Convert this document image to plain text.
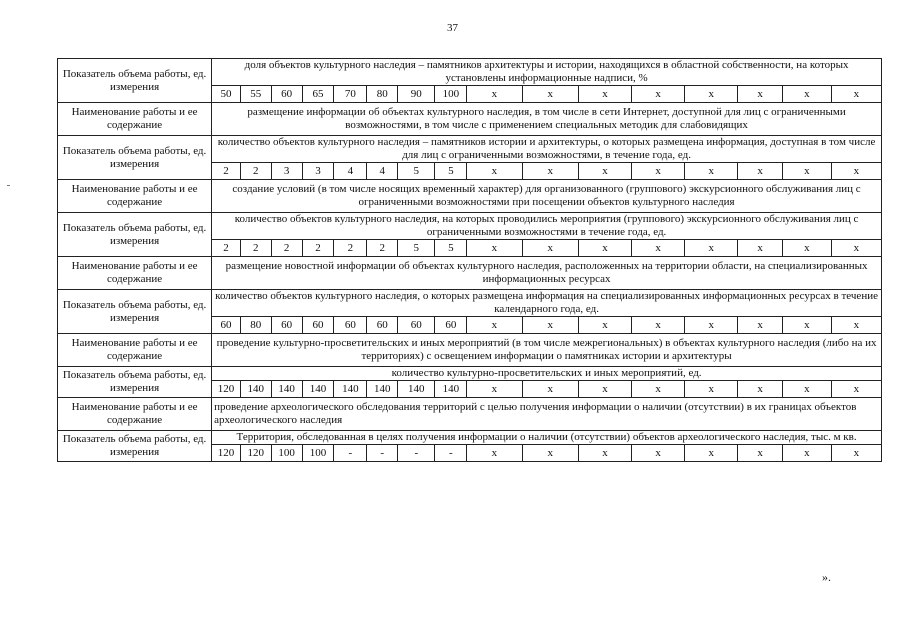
37
Показатель объема работы, ед. измерения	доля объектов культурного наследия – памятников архитектуры и истории, находящихся в областной собственности, на которых установлены информационные надписи, %															
	50	55	60	65	70	80	90	100	x	x	x	x	x	x	x	x
Наименование работы и ее содержание	размещение информации об объектах культурного наследия, в том числе в сети Интернет, доступной для лиц с ограниченными возможностями, в том числе с применением специальных методик для слабовидящих															
Показатель объема работы, ед. измерения	количество объектов культурного наследия – памятников истории и архитектуры, о которых размещена информация, доступная в том числе для лиц с ограниченными возможностями, в течение года, ед.															
	2	2	3	3	4	4	5	5	x	x	x	x	x	x	x	x
Наименование работы и ее содержание	создание условий (в том числе носящих временный характер) для организованного (группового) экскурсионного обслуживания лиц с ограниченными возможностями при посещении объектов культурного наследия															
Показатель объема работы, ед. измерения	количество объектов культурного наследия, на которых проводились мероприятия (группового) экскурсионного обслуживания лиц с ограниченными возможностями в течение года, ед.															
	2	2	2	2	2	2	5	5	x	x	x	x	x	x	x	x
Наименование работы и ее содержание	размещение новостной информации об объектах культурного наследия, расположенных на территории области, на специализированных информационных ресурсах															
Показатель объема работы, ед. измерения	количество объектов культурного наследия, о которых размещена информация на специализированных информационных ресурсах в течение календарного года, ед.															
	60	80	60	60	60	60	60	60	x	x	x	x	x	x	x	x
Наименование работы и ее содержание	проведение культурно-просветительских и иных мероприятий (в том числе межрегиональных) в объектах культурного наследия (либо на их территориях) с освещением информации о памятниках истории и архитектуры															
Показатель объема работы, ед. измерения	количество культурно-просветительских и иных мероприятий, ед.															
	120	140	140	140	140	140	140	140	x	x	x	x	x	x	x	x
Наименование работы и ее содержание	проведение археологического обследования территорий с целью получения информации о наличии (отсутствии) в их границах объектов археологического наследия															
Показатель объема работы, ед. измерения	Территория, обследованная в целях получения информации о наличии (отсутствии) объектов археологического наследия, тыс. м кв.															
	120	120	100	100	-	-	-	-	x	x	x	x	x	x	x	x
».
